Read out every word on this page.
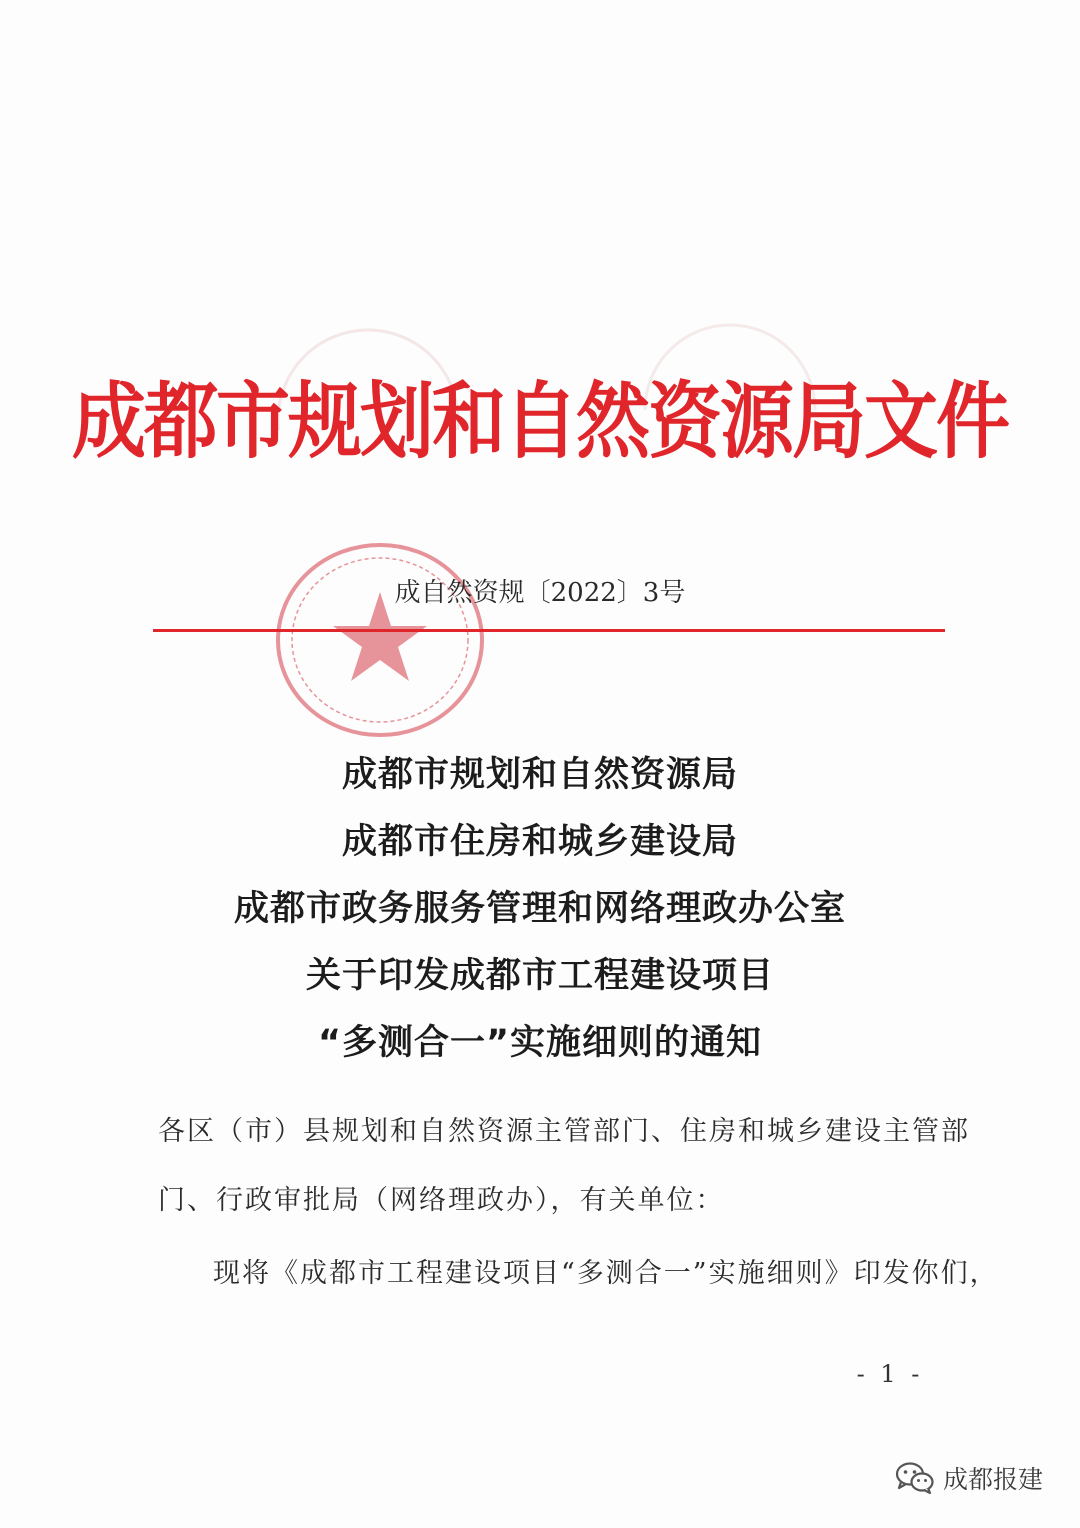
成都市规划和自然资源局文件
成自然资规〔2022〕3号
成都市规划和自然资源局
成都市住房和城乡建设局
成都市政务服务管理和网络理政办公室
关于印发成都市工程建设项目
“多测合一”实施细则的通知
各区（市）县规划和自然资源主管部门、住房和城乡建设主管部
门、行政审批局（网络理政办），有关单位：
现将《成都市工程建设项目“多测合一”实施细则》印发你们，
- 1 -
成都报建
